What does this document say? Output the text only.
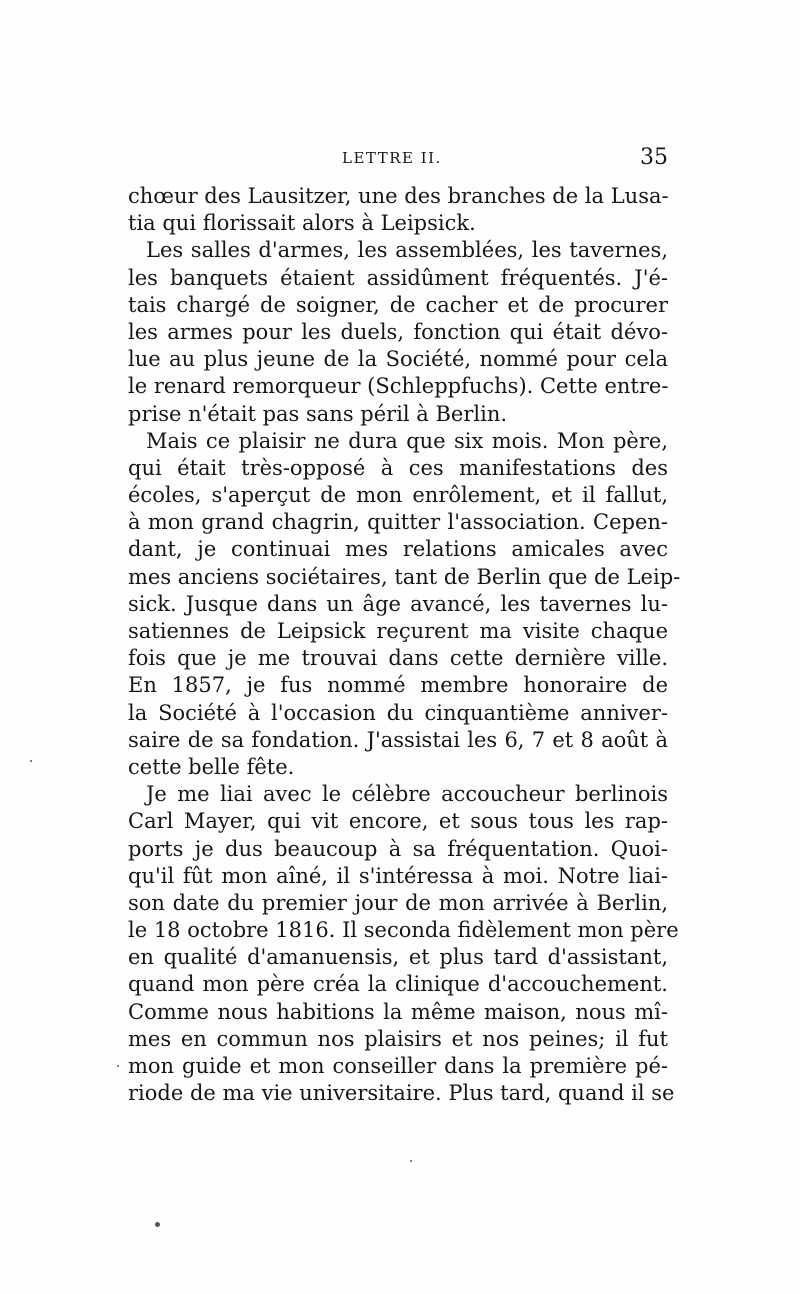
LETTRE II.	35
chœur des Lausitzer, une des branches de la Lusa-
tia qui florissait alors à Leipsick.
Les salles d'armes, les assemblées, les tavernes,
les banquets étaient assidûment fréquentés. J'é-
tais chargé de soigner, de cacher et de procurer
les armes pour les duels, fonction qui était dévo-
lue au plus jeune de la Société, nommé pour cela
le renard remorqueur (Schleppfuchs). Cette entre-
prise n'était pas sans péril à Berlin.
Mais ce plaisir ne dura que six mois. Mon père,
qui était très-opposé à ces manifestations des
écoles, s'aperçut de mon enrôlement, et il fallut,
à mon grand chagrin, quitter l'association. Cepen-
dant, je continuai mes relations amicales avec
mes anciens sociétaires, tant de Berlin que de Leip-
sick. Jusque dans un âge avancé, les tavernes lu-
satiennes de Leipsick reçurent ma visite chaque
fois que je me trouvai dans cette dernière ville.
En 1857, je fus nommé membre honoraire de
la Société à l'occasion du cinquantième anniver-
saire de sa fondation. J'assistai les 6, 7 et 8 août à
cette belle fête.
Je me liai avec le célèbre accoucheur berlinois
Carl Mayer, qui vit encore, et sous tous les rap-
ports je dus beaucoup à sa fréquentation. Quoi-
qu'il fût mon aîné, il s'intéressa à moi. Notre liai-
son date du premier jour de mon arrivée à Berlin,
le 18 octobre 1816. Il seconda fidèlement mon père
en qualité d'amanuensis, et plus tard d'assistant,
quand mon père créa la clinique d'accouchement.
Comme nous habitions la même maison, nous mî-
mes en commun nos plaisirs et nos peines; il fut
mon guide et mon conseiller dans la première pé-
riode de ma vie universitaire. Plus tard, quand il se
